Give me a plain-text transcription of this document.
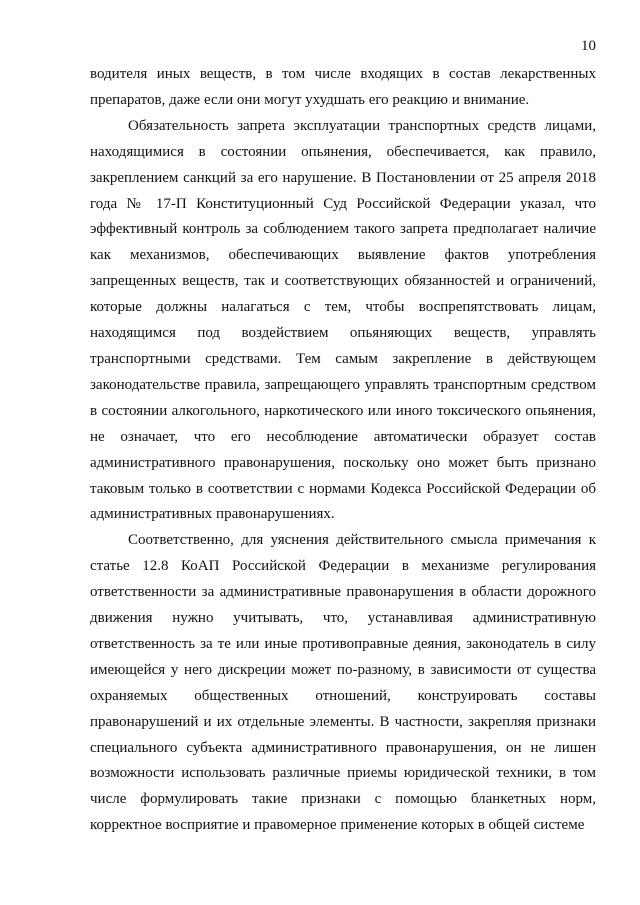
10

водителя иных веществ, в том числе входящих в состав лекарственных препаратов, даже если они могут ухудшать его реакцию и внимание.

Обязательность запрета эксплуатации транспортных средств лицами, находящимися в состоянии опьянения, обеспечивается, как правило, закреплением санкций за его нарушение. В Постановлении от 25 апреля 2018 года № 17-П Конституционный Суд Российской Федерации указал, что эффективный контроль за соблюдением такого запрета предполагает наличие как механизмов, обеспечивающих выявление фактов употребления запрещенных веществ, так и соответствующих обязанностей и ограничений, которые должны налагаться с тем, чтобы воспрепятствовать лицам, находящимся под воздействием опьяняющих веществ, управлять транспортными средствами. Тем самым закрепление в действующем законодательстве правила, запрещающего управлять транспортным средством в состоянии алкогольного, наркотического или иного токсического опьянения, не означает, что его несоблюдение автоматически образует состав административного правонарушения, поскольку оно может быть признано таковым только в соответствии с нормами Кодекса Российской Федерации об административных правонарушениях.

Соответственно, для уяснения действительного смысла примечания к статье 12.8 КоАП Российской Федерации в механизме регулирования ответственности за административные правонарушения в области дорожного движения нужно учитывать, что, устанавливая административную ответственность за те или иные противоправные деяния, законодатель в силу имеющейся у него дискреции может по-разному, в зависимости от существа охраняемых общественных отношений, конструировать составы правонарушений и их отдельные элементы. В частности, закрепляя признаки специального субъекта административного правонарушения, он не лишен возможности использовать различные приемы юридической техники, в том числе формулировать такие признаки с помощью бланкетных норм, корректное восприятие и правомерное применение которых в общей системе
